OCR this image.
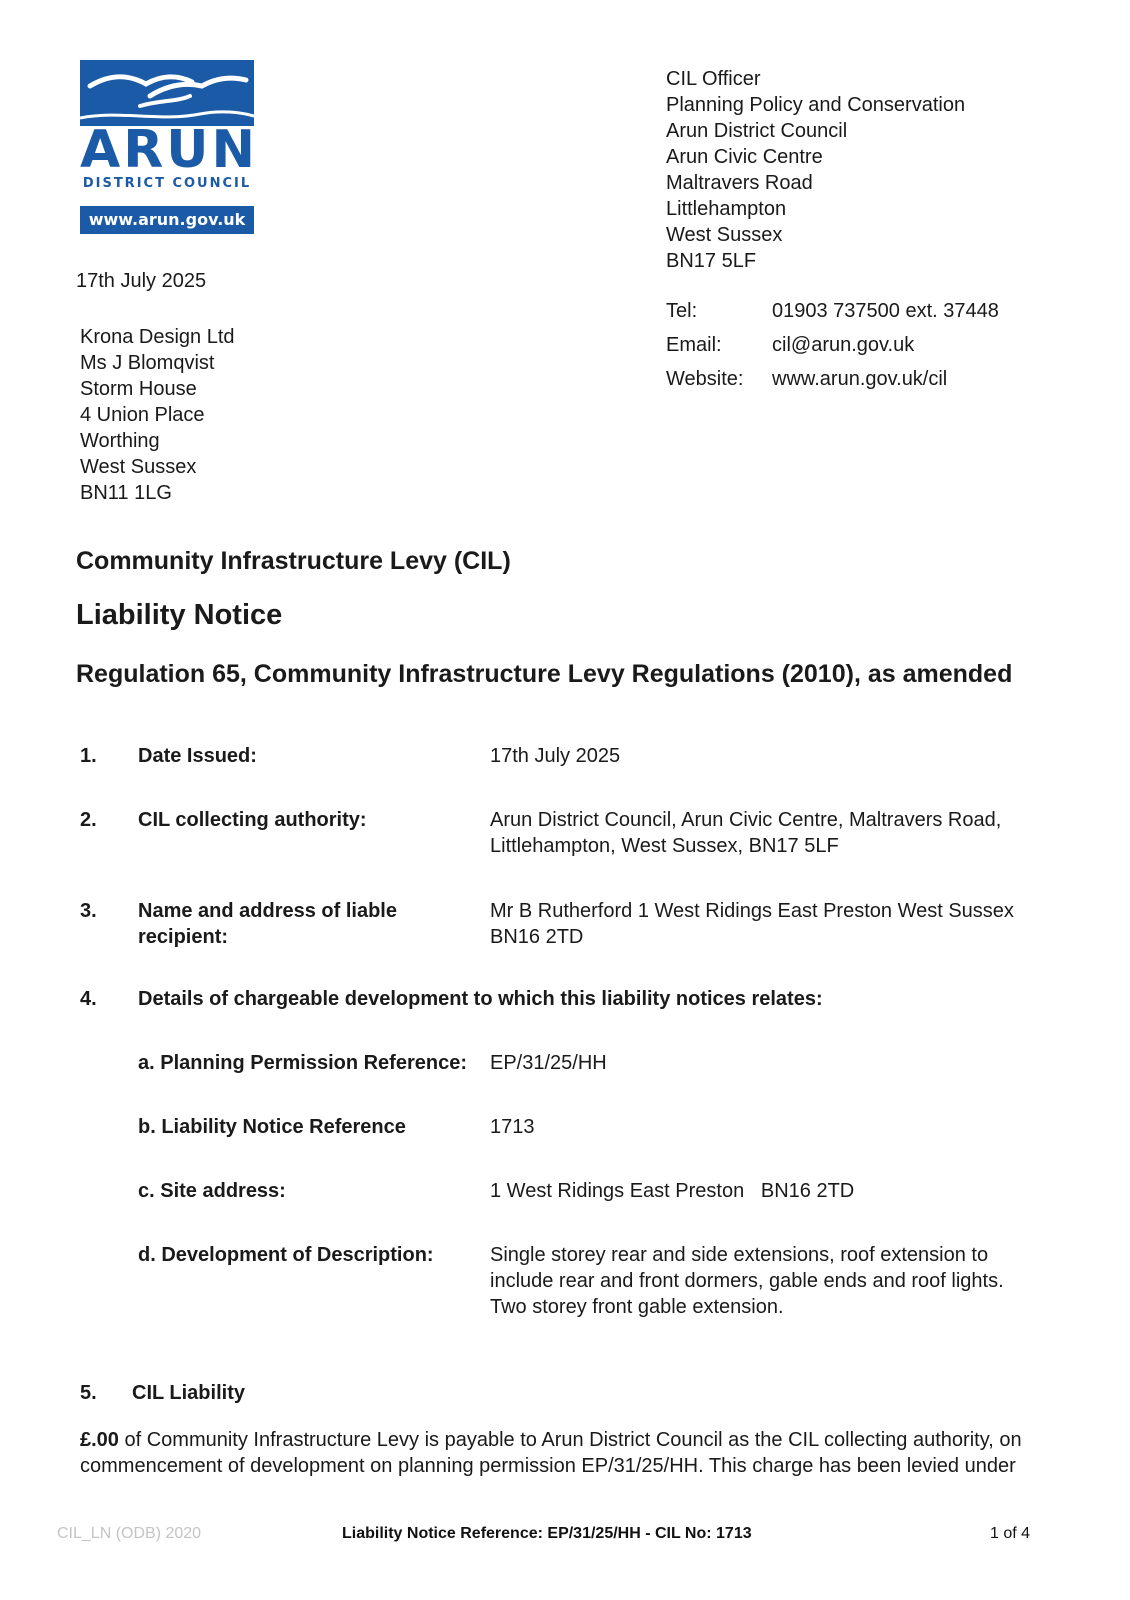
ARUN
DISTRICT COUNCIL
www.arun.gov.uk
CIL Officer
Planning Policy and Conservation
Arun District Council
Arun Civic Centre
Maltravers Road
Littlehampton
West Sussex
BN17 5LF
Tel:	01903 737500 ext. 37448
Email:	cil@arun.gov.uk
Website: www.arun.gov.uk/cil
17th July 2025
Krona Design Ltd
Ms J Blomqvist
Storm House
4 Union Place
Worthing
West Sussex
BN11 1LG
Community Infrastructure Levy (CIL)
Liability Notice
Regulation 65, Community Infrastructure Levy Regulations (2010), as amended
1. Date Issued:	17th July 2025
2. CIL collecting authority:	Arun District Council, Arun Civic Centre, Maltravers Road,
Littlehampton, West Sussex, BN17 5LF
3. Name and address of liable
recipient:
Mr B Rutherford 1 West Ridings East Preston West Sussex
BN16 2TD
4. Details of chargeable development to which this liability notices relates:
a. Planning Permission Reference: EP/31/25/HH
b. Liability Notice Reference	1713
c. Site address:	1 West Ridings East Preston   BN16 2TD
d. Development of Description:	Single storey rear and side extensions, roof extension to
include rear and front dormers, gable ends and roof lights.
Two storey front gable extension.
5. CIL Liability
£.00 of Community Infrastructure Levy is payable to Arun District Council as the CIL collecting authority, on
commencement of development on planning permission EP/31/25/HH. This charge has been levied under
CIL_LN (ODB) 2020	Liability Notice Reference: EP/31/25/HH - CIL No: 1713	1 of 4
